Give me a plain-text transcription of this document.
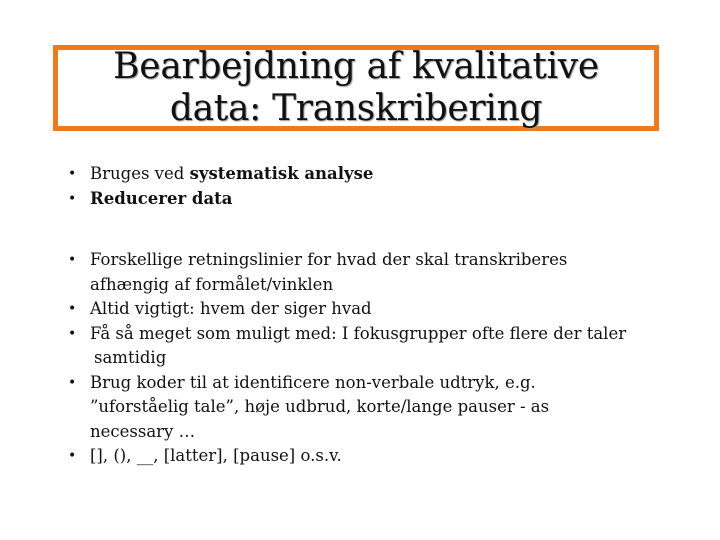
Bearbejdning af kvalitative
data: Transkribering
• Bruges ved systematisk analyse
• Reducerer data
• Forskellige retningslinier for hvad der skal transkriberes
afhængig af formålet/vinklen
• Altid vigtigt: hvem der siger hvad
• Få så meget som muligt med: I fokusgrupper ofte flere der taler
samtidig
• Brug koder til at identificere non-verbale udtryk, e.g.
”uforståelig tale”, høje udbrud, korte/lange pauser - as
necessary …
• [], (), __, [latter], [pause] o.s.v.
